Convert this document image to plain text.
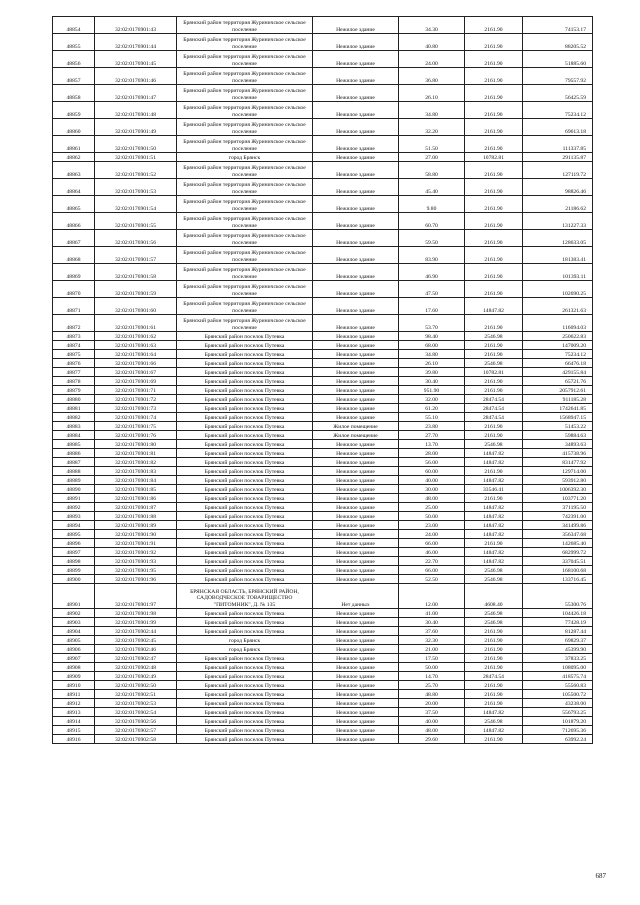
48854	32:02:0176901:43	Брянский район территория Журиничское сельское поселение	Нежилое здание	34.30	2161.90	74153.17
48855	32:02:0176901:44	Брянский район территория Журиничское сельское поселение	Нежилое здание	40.80	2161.90	88205.52
48856	32:02:0176901:45	Брянский район территория Журиничское сельское поселение	Нежилое здание	24.00	2161.90	51885.60
48857	32:02:0176901:46	Брянский район территория Журиничское сельское поселение	Нежилое здание	36.80	2161.90	79557.92
48858	32:02:0176901:47	Брянский район территория Журиничское сельское поселение	Нежилое здание	26.10	2161.90	56425.59
48859	32:02:0176901:48	Брянский район территория Журиничское сельское поселение	Нежилое здание	34.80	2161.90	75234.12
48860	32:02:0176901:49	Брянский район территория Журиничское сельское поселение	Нежилое здание	32.20	2161.90	69613.18
48861	32:02:0176901:50	Брянский район территория Журиничское сельское поселение	Нежилое здание	51.50	2161.90	111337.85
48862	32:02:0176901:51	город Брянск	Нежилое здание	27.00	10782.81	291135.87
48863	32:02:0176901:52	Брянский район территория Журиничское сельское поселение	Нежилое здание	58.80	2161.90	127119.72
48864	32:02:0176901:53	Брянский район территория Журиничское сельское поселение	Нежилое здание	45.40	2161.90	98826.46
48865	32:02:0176901:54	Брянский район территория Журиничское сельское поселение	Нежилое здание	9.80	2161.90	21186.62
48866	32:02:0176901:55	Брянский район территория Журиничское сельское поселение	Нежилое здание	60.70	2161.90	131227.33
48867	32:02:0176901:56	Брянский район территория Журиничское сельское поселение	Нежилое здание	59.50	2161.90	128633.05
48868	32:02:0176901:57	Брянский район территория Журиничское сельское поселение	Нежилое здание	83.90	2161.90	181383.41
48869	32:02:0176901:58	Брянский район территория Журиничское сельское поселение	Нежилое здание	46.90	2161.90	101393.11
48870	32:02:0176901:59	Брянский район территория Журиничское сельское поселение	Нежилое здание	47.50	2161.90	102690.25
48871	32:02:0176901:60	Брянский район территория Журиничское сельское поселение	Нежилое здание	17.60	14847.82	261321.63
48872	32:02:0176901:61	Брянский район территория Журиничское сельское поселение	Нежилое здание	53.70	2161.90	116094.03
48873	32:02:0176901:62	Брянский район поселок Путевка	Нежилое здание	98.40	2546.98	250622.83
48874	32:02:0176901:63	Брянский район поселок Путевка	Нежилое здание	68.00	2161.90	147009.20
48875	32:02:0176901:64	Брянский район поселок Путевка	Нежилое здание	34.80	2161.90	75234.12
48876	32:02:0176901:66	Брянский район поселок Путевка	Нежилое здание	26.10	2546.98	66476.18
48877	32:02:0176901:67	Брянский район поселок Путевка	Нежилое здание	39.80	10782.81	429155.84
48878	32:02:0176901:69	Брянский район поселок Путевка	Нежилое здание	30.40	2161.90	65721.76
48879	32:02:0176901:71	Брянский район поселок Путевка	Нежилое здание	951.90	2161.90	2057912.61
48880	32:02:0176901:72	Брянский район поселок Путевка	Нежилое здание	32.00	28474.54	911185.28
48881	32:02:0176901:73	Брянский район поселок Путевка	Нежилое здание	61.20	28474.54	1742641.85
48882	32:02:0176901:74	Брянский район поселок Путевка	Нежилое здание	55.10	28474.54	1568947.15
48883	32:02:0176901:75	Брянский район поселок Путевка	Жилое помещение	23.80	2161.90	51453.22
48884	32:02:0176901:76	Брянский район поселок Путевка	Жилое помещение	27.70	2161.90	59884.63
48885	32:02:0176901:80	Брянский район поселок Путевка	Нежилое здание	13.70	2546.98	34893.63
48886	32:02:0176901:81	Брянский район поселок Путевка	Нежилое здание	28.00	14847.82	415738.96
48887	32:02:0176901:82	Брянский район поселок Путевка	Нежилое здание	56.00	14847.82	831477.92
48888	32:02:0176901:83	Брянский район поселок Путевка	Нежилое здание	60.00	2161.90	129714.00
48889	32:02:0176901:84	Брянский район поселок Путевка	Нежилое здание	40.00	14847.82	593912.80
48890	32:02:0176901:85	Брянский район поселок Путевка	Нежилое здание	30.00	33546.41	1006392.30
48891	32:02:0176901:86	Брянский район поселок Путевка	Нежилое здание	48.00	2161.90	103771.20
48892	32:02:0176901:87	Брянский район поселок Путевка	Нежилое здание	25.00	14847.82	371195.50
48893	32:02:0176901:88	Брянский район поселок Путевка	Нежилое здание	50.00	14847.82	742391.00
48894	32:02:0176901:89	Брянский район поселок Путевка	Нежилое здание	23.00	14847.82	341499.86
48895	32:02:0176901:90	Брянский район поселок Путевка	Нежилое здание	24.00	14847.82	356347.68
48896	32:02:0176901:91	Брянский район поселок Путевка	Нежилое здание	66.00	2161.90	142685.40
48897	32:02:0176901:92	Брянский район поселок Путевка	Нежилое здание	46.00	14847.82	682999.72
48898	32:02:0176901:93	Брянский район поселок Путевка	Нежилое здание	22.70	14847.82	337045.51
48899	32:02:0176901:95	Брянский район поселок Путевка	Нежилое здание	66.00	2546.98	168100.68
48900	32:02:0176901:96	Брянский район поселок Путевка	Нежилое здание	52.50	2546.98	133716.45
48901	32:02:0176901:97	БРЯНСКАЯ ОБЛАСТЬ, БРЯНСКИЙ РАЙОН, САДОВОДЧЕСКОЕ ТОВАРИЩЕСТВО "ПИТОМНИК", Д. № 135	Нет данных	12.00	4608.40	55300.76
48902	32:02:0176901:98	Брянский район поселок Путевка	Нежилое здание	41.00	2546.98	104426.18
48903	32:02:0176901:99	Брянский район поселок Путевка	Нежилое здание	30.40	2546.98	77428.19
48904	32:02:0176902:44	Брянский район поселок Путевка	Нежилое здание	37.60	2161.90	81287.44
48905	32:02:0176902:45	город Брянск	Нежилое здание	32.30	2161.90	69829.37
48906	32:02:0176902:46	город Брянск	Нежилое здание	21.00	2161.90	45399.90
48907	32:02:0176902:47	Брянский район поселок Путевка	Нежилое здание	17.50	2161.90	37833.25
48908	32:02:0176902:48	Брянский район поселок Путевка	Нежилое здание	50.00	2161.90	108095.00
48909	32:02:0176902:49	Брянский район поселок Путевка	Нежилое здание	14.70	28474.54	418575.74
48910	32:02:0176902:50	Брянский район поселок Путевка	Нежилое здание	25.70	2161.90	55560.83
48911	32:02:0176902:51	Брянский район поселок Путевка	Нежилое здание	48.80	2161.90	105500.72
48912	32:02:0176902:53	Брянский район поселок Путевка	Нежилое здание	20.00	2161.90	43238.00
48913	32:02:0176902:54	Брянский район поселок Путевка	Нежилое здание	37.50	14847.82	556793.25
48914	32:02:0176902:56	Брянский район поселок Путевка	Нежилое здание	40.00	2546.98	101879.20
48915	32:02:0176902:57	Брянский район поселок Путевка	Нежилое здание	48.00	14847.82	712695.36
48916	32:02:0176902:58	Брянский район поселок Путевка	Нежилое здание	29.60	2161.90	63992.24
687
